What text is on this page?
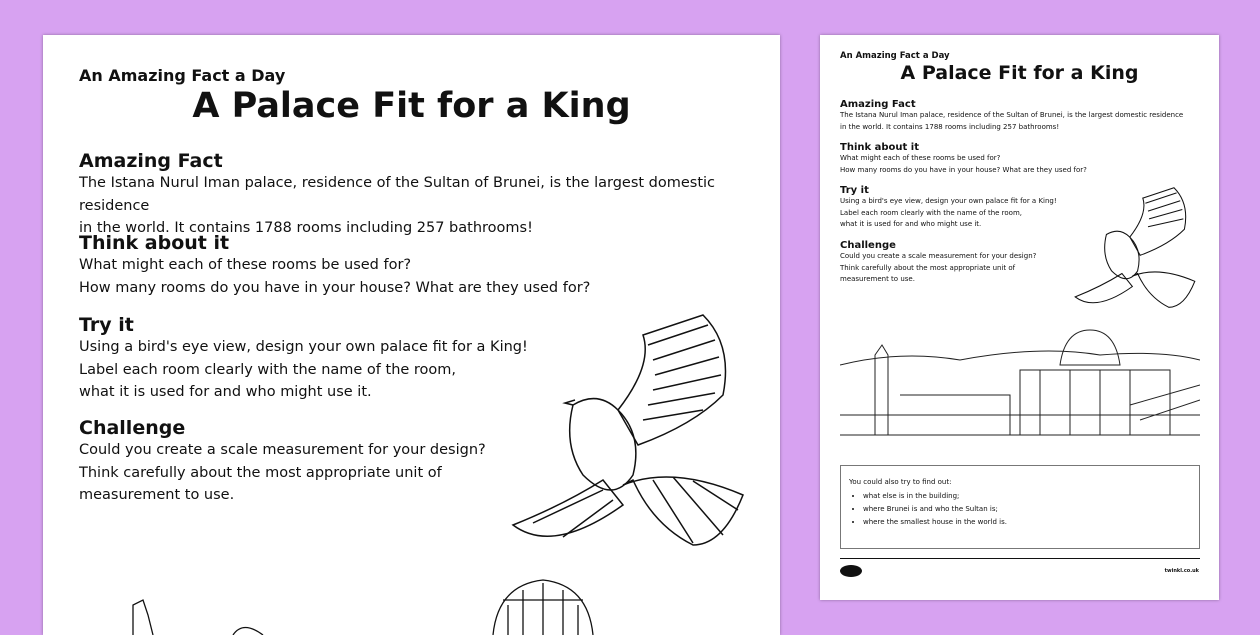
An Amazing Fact a Day

A Palace Fit for a King

Amazing Fact

The Istana Nurul Iman palace, residence of the Sultan of Brunei, is the largest domestic residence

in the world. It contains 1788 rooms including 257 bathrooms!

Think about it

What might each of these rooms be used for?

How many rooms do you have in your house? What are they used for?

Try it

Using a bird's eye view, design your own palace fit for a King!

Label each room clearly with the name of the room,

what it is used for and who might use it.

Challenge

Could you create a scale measurement for your design?

Think carefully about the most appropriate unit of

measurement to use.

An Amazing Fact a Day

A Palace Fit for a King

Amazing Fact

The Istana Nurul Iman palace, residence of the Sultan of Brunei, is the largest domestic residence

in the world. It contains 1788 rooms including 257 bathrooms!

Think about it

What might each of these rooms be used for?

How many rooms do you have in your house? What are they used for?

Try it

Using a bird's eye view, design your own palace fit for a King!

Label each room clearly with the name of the room,

what it is used for and who might use it.

Challenge

Could you create a scale measurement for your design?

Think carefully about the most appropriate unit of

measurement to use.

You could also try to find out:
• what else is in the building;
• where Brunei is and who the Sultan is;
• where the smallest house in the world is.
twinkl.co.uk
